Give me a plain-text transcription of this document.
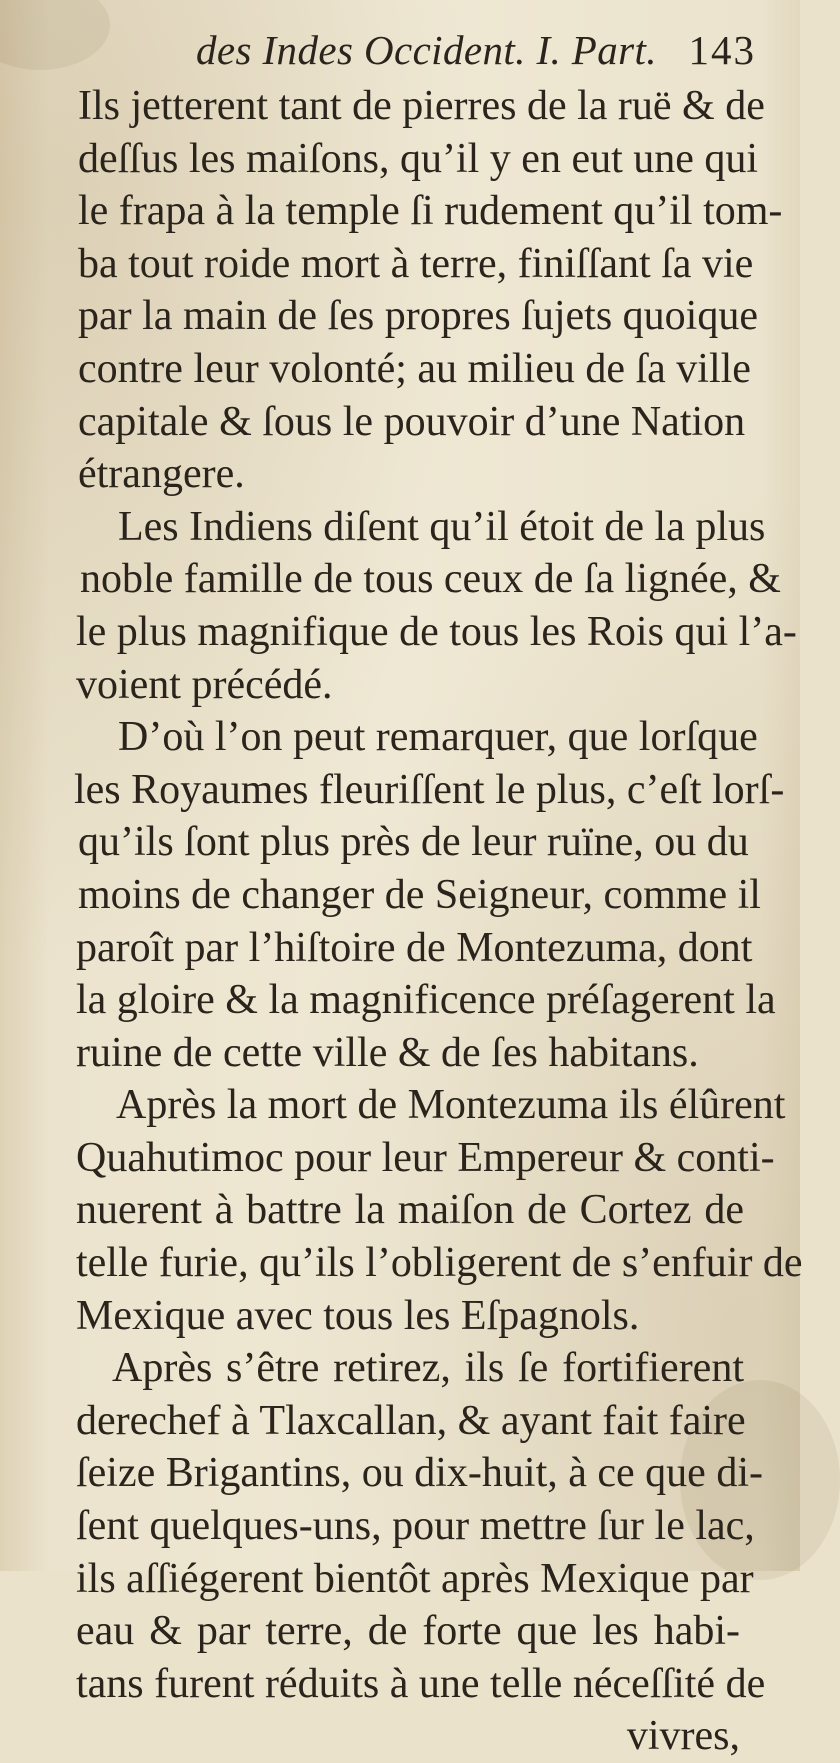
des Indes Occident. I. Part. 143
Ils jetterent tant de pierres de la ruë & de
deſſus les maiſons, qu’il y en eut une qui
le frapa à la temple ſi rudement qu’il tom-
ba tout roide mort à terre, finiſſant ſa vie
par la main de ſes propres ſujets quoique
contre leur volonté; au milieu de ſa ville
capitale & ſous le pouvoir d’une Nation
étrangere.
Les Indiens diſent qu’il étoit de la plus
noble famille de tous ceux de ſa lignée, &
le plus magnifique de tous les Rois qui l’a-
voient précédé.
D’où l’on peut remarquer, que lorſque
les Royaumes fleuriſſent le plus, c’eſt lorſ-
qu’ils ſont plus près de leur ruïne, ou du
moins de changer de Seigneur, comme il
paroît par l’hiſtoire de Montezuma, dont
la gloire & la magnificence préſagerent la
ruine de cette ville & de ſes habitans.
Après la mort de Montezuma ils élûrent
Quahutimoc pour leur Empereur & conti-
nuerent à battre la maiſon de Cortez de
telle furie, qu’ils l’obligerent de s’enfuir de
Mexique avec tous les Eſpagnols.
Après s’être retirez, ils ſe fortifierent
derechef à Tlaxcallan, & ayant fait faire
ſeize Brigantins, ou dix-huit, à ce que di-
ſent quelques-uns, pour mettre ſur le lac,
ils aſſiégerent bientôt après Mexique par
eau & par terre, de forte que les habi-
tans furent réduits à une telle néceſſité de
vivres,
